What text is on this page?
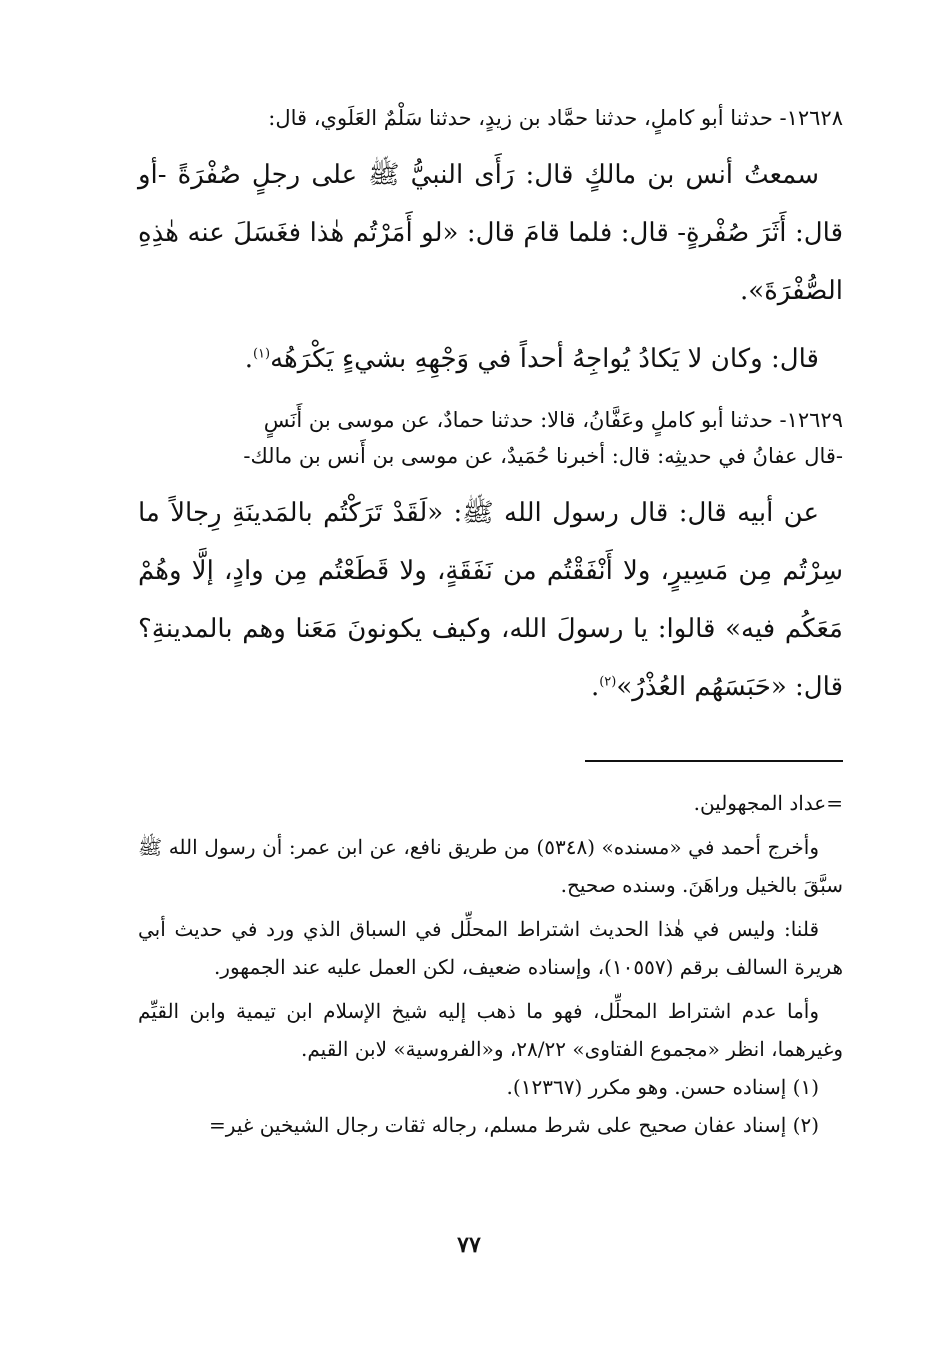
١٢٦٢٨- حدثنا أبو كاملٍ، حدثنا حمَّاد بن زيدٍ، حدثنا سَلْمٌ العَلَوي، قال:

سمعتُ أنس بن مالكٍ قال: رَأَى النبيُّ ﷺ على رجلٍ صُفْرَةً -أو قال: أَثَرَ صُفْرةٍ- قال: فلما قامَ قال: «لو أَمَرْتُم هٰذا فغَسَلَ عنه هٰذِهِ الصُّفْرَةَ».

قال: وكان لا يَكادُ يُواجِهُ أحداً في وَجْهِهِ بشيءٍ يَكْرَهُه$^{(١)}$.

١٢٦٢٩- حدثنا أبو كاملٍ وعَفَّانُ، قالا: حدثنا حمادٌ، عن موسى بن أَنَسٍ

-قال عفانُ في حديثِه: قال: أخبرنا حُمَيدٌ، عن موسى بن أَنس بن مالك-

عن أبيه قال: قال رسول الله ﷺ: «لَقَدْ تَرَكْتُم بالمَدينَةِ رِجالاً ما سِرْتُم مِن مَسِيرٍ، ولا أَنْفَقْتُم من نَفَقَةٍ، ولا قَطَعْتُم مِن وادٍ، إلَّا وهُمْ مَعَكُم فيه» قالوا: يا رسولَ الله، وكيف يكونونَ مَعَنا وهم بالمدينةِ؟ قال: «حَبَسَهُم العُذْرُ»$^{(٢)}$.

=عداد المجهولين.

وأخرج أحمد في «مسنده» (٥٣٤٨) من طريق نافع، عن ابن عمر: أن رسول الله ﷺ سبَّقَ بالخيل وراهَنَ. وسنده صحيح.

قلنا: وليس في هٰذا الحديث اشتراط المحلِّل في السباق الذي ورد في حديث أبي هريرة السالف برقم (١٠٥٥٧)، وإسناده ضعيف، لكن العمل عليه عند الجمهور.

وأما عدم اشتراط المحلِّل، فهو ما ذهب إليه شيخ الإسلام ابن تيمية وابن القيِّم وغيرهما، انظر «مجموع الفتاوى» ٢٨/٢٢، و«الفروسية» لابن القيم.

(١) إسناده حسن. وهو مكرر (١٢٣٦٧).

(٢) إسناد عفان صحيح على شرط مسلم، رجاله ثقات رجال الشيخين غير=

٧٧
